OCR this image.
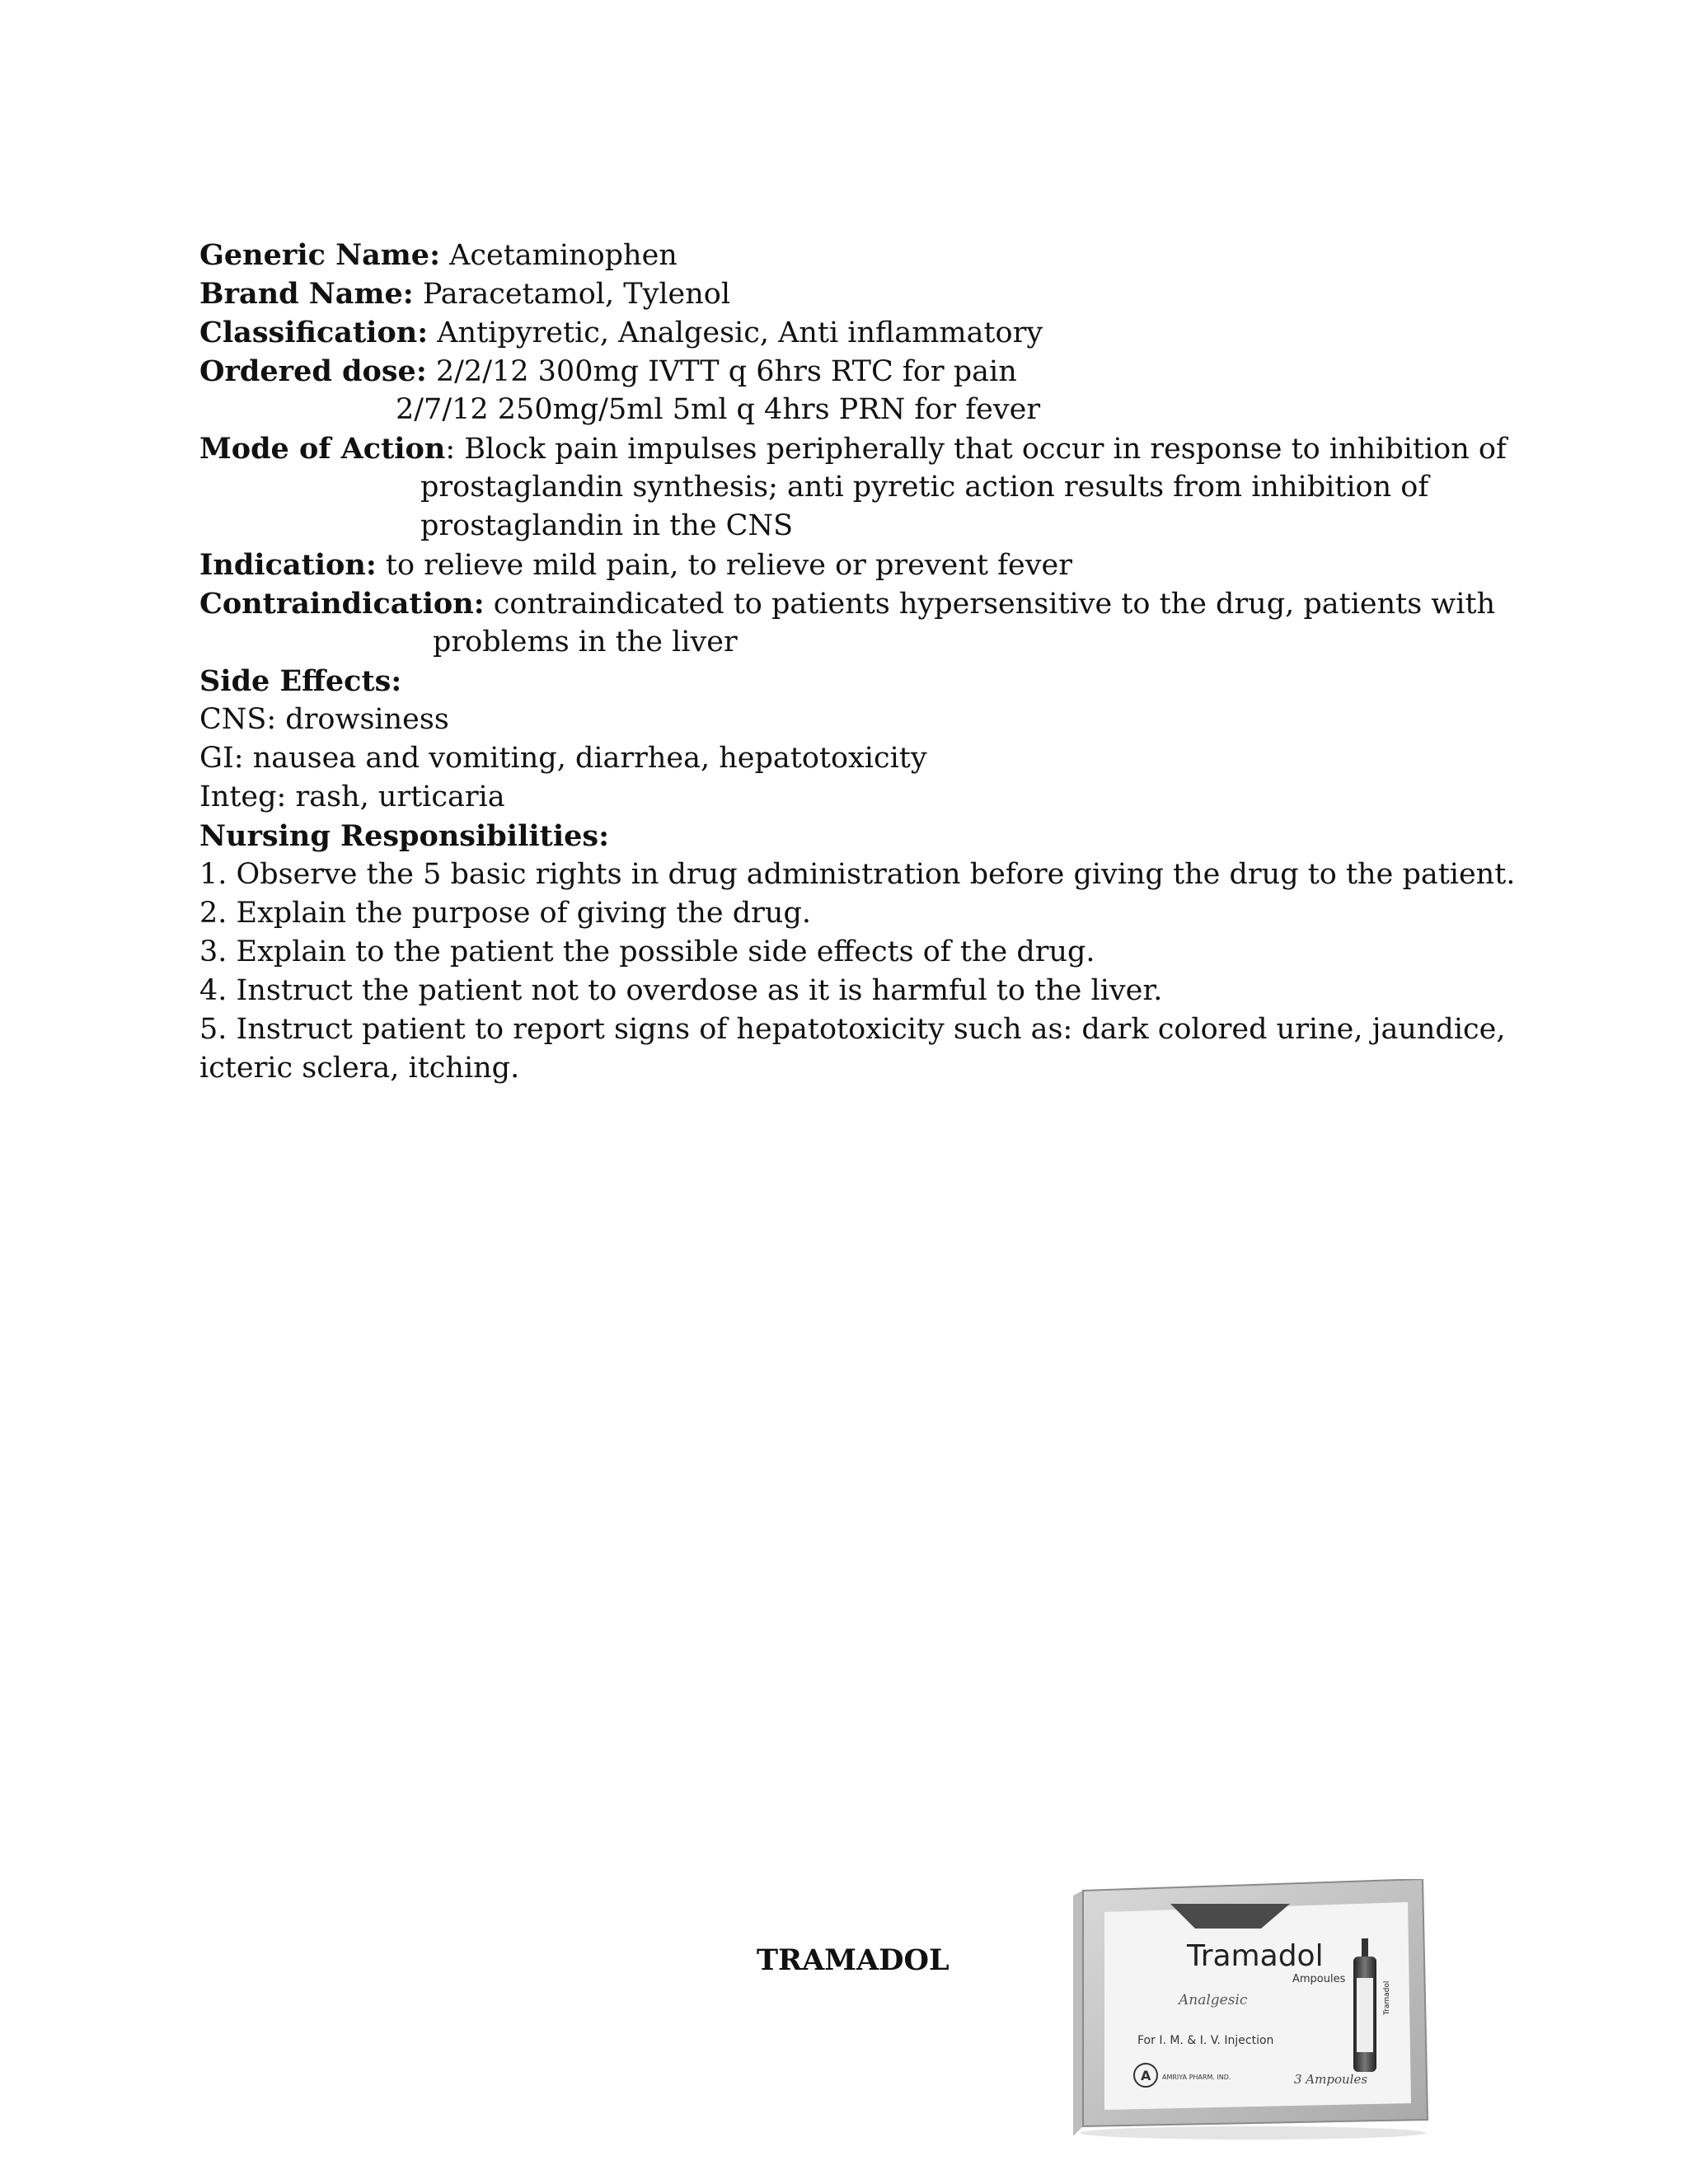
Generic Name: Acetaminophen
Brand Name: Paracetamol, Tylenol
Classification: Antipyretic, Analgesic, Anti inflammatory
Ordered dose: 2/2/12 300mg IVTT q 6hrs RTC for pain
2/7/12 250mg/5ml 5ml q 4hrs PRN for fever
Mode of Action: Block pain impulses peripherally that occur in response to inhibition of
prostaglandin synthesis; anti pyretic action results from inhibition of
prostaglandin in the CNS
Indication: to relieve mild pain, to relieve or prevent fever
Contraindication: contraindicated to patients hypersensitive to the drug, patients with
problems in the liver
Side Effects:
CNS: drowsiness
GI: nausea and vomiting, diarrhea, hepatotoxicity
Integ: rash, urticaria
Nursing Responsibilities:
1. Observe the 5 basic rights in drug administration before giving the drug to the patient.
2. Explain the purpose of giving the drug.
3. Explain to the patient the possible side effects of the drug.
4. Instruct the patient not to overdose as it is harmful to the liver.
5. Instruct patient to report signs of hepatotoxicity such as: dark colored urine, jaundice,
icteric sclera, itching.
TRAMADOL	Tramadol
Ampoules
Analgesic
For I. M. & I. V. Injection
A AMRIYA PHARM. IND.	3 Ampoules
Tramadol
